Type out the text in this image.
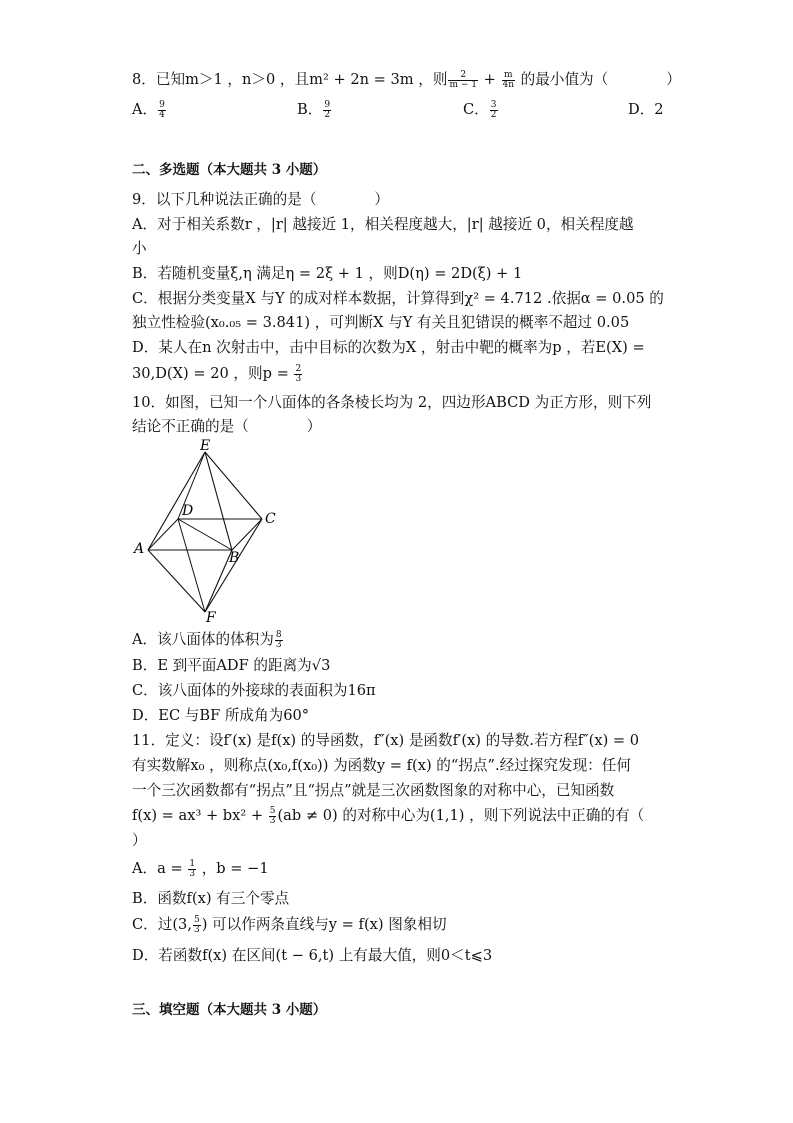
8．已知m＞1 ，n＞0 ，且m² + 2n = 3m ，则 $\frac{2}{m - 1} + \frac{m}{4n}$ 的最小值为（	）
A． $\frac{9}{4}$	B． $\frac{9}{2}$	C． $\frac{3}{2}$	D．2
二、多选题（本大题共 3 小题）
9．以下几种说法正确的是（	）
A．对于相关系数r ，|r| 越接近 1，相关程度越大，|r| 越接近 0，相关程度越
小
B．若随机变量ξ,η 满足η = 2ξ + 1 ，则D(η) = 2D(ξ) + 1
C．根据分类变量X 与Y 的成对样本数据，计算得到χ² = 4.712 .依据α = 0.05 的
独立性检验(x₀.₀₅ = 3.841) ，可判断X 与Y 有关且犯错误的概率不超过 0.05
D．某人在n 次射击中，击中目标的次数为X ，射击中靶的概率为p ，若E(X) =
30,D(X) = 20 ，则$p = \frac{2}{3}$
10．如图，已知一个八面体的各条棱长均为 2，四边形ABCD 为正方形，则下列
结论不正确的是（	）
E
D	C
A
B
F
A．该八面体的体积为 $\frac{8}{3}$
B．E 到平面ADF 的距离为√3
C．该八面体的外接球的表面积为16π
D．EC 与BF 所成角为60°
11．定义：设f′(x) 是f(x) 的导函数，f″(x) 是函数f′(x) 的导数.若方程f″(x) = 0
有实数解x₀ ，则称点(x₀,f(x₀)) 为函数y = f(x) 的“拐点”.经过探究发现：任何
一个三次函数都有“拐点”且“拐点”就是三次函数图象的对称中心，已知函数
$f(x) = ax^3 + bx^2 + \frac{5}{3} (ab \ne 0)$ 的对称中心为(1,1) ，则下列说法中正确的有（
）
A．$a = \frac{1}{3}$ ，b = −1
B．函数f(x) 有三个零点
C．过(3, $\frac{5}{3}$ ) 可以作两条直线与y = f(x) 图象相切
D．若函数f(x) 在区间(t − 6,t) 上有最大值，则0＜t⩽3
三、填空题（本大题共 3 小题）
